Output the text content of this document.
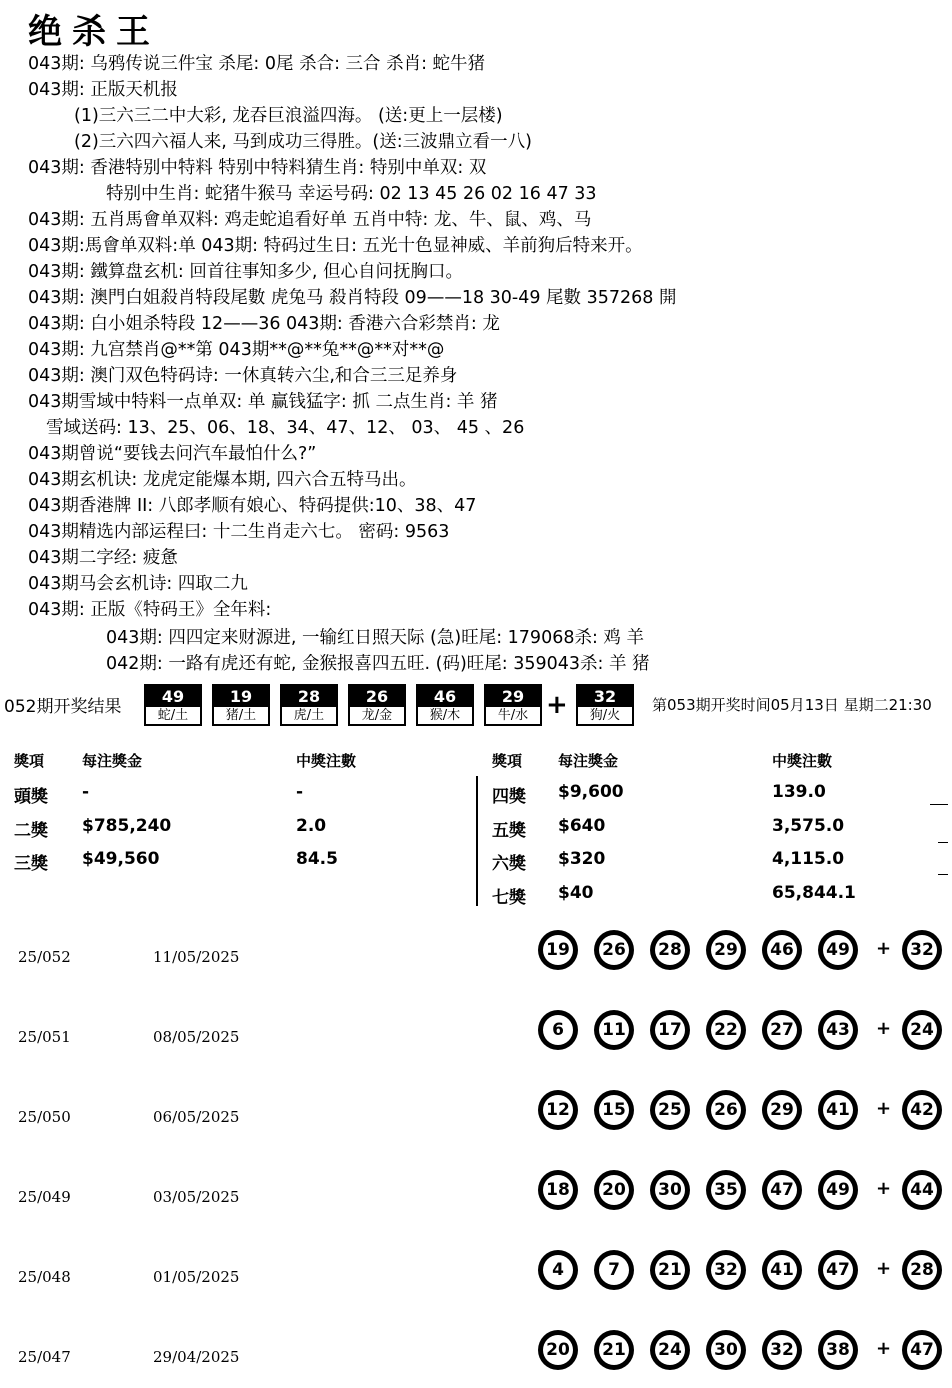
绝杀王
043期: 乌鸦传说三件宝 杀尾: 0尾 杀合: 三合 杀肖: 蛇牛猪
043期: 正版天机报
(1)三六三二中大彩, 龙吞巨浪溢四海。 (送:更上一层楼)
(2)三六四六福人来, 马到成功三得胜。(送:三波鼎立看一八)
043期: 香港特别中特料 特别中特料猜生肖: 特别中单双: 双
特别中生肖: 蛇猪牛猴马 幸运号码: 02 13 45 26 02 16 47 33
043期: 五肖馬會单双料: 鸡走蛇追看好单 五肖中特: 龙、牛、鼠、鸡、马
043期:馬會单双料:单 043期: 特码过生日: 五光十色显神威、羊前狗后特来开。
043期: 鐵算盘玄机: 回首往事知多少, 但心自问抚胸口。
043期: 澳門白姐殺肖特段尾數 虎兔马 殺肖特段 09——18 30-49 尾數 357268 開
043期: 白小姐杀特段 12——36 043期: 香港六合彩禁肖: 龙
043期: 九宫禁肖@**第 043期**@**兔**@**对**@
043期: 澳门双色特码诗: 一休真转六尘,和合三三足养身
043期雪域中特料一点单双: 单 赢钱猛字: 抓 二点生肖: 羊 猪
雪域送码: 13、25、06、18、34、47、12、 03、 45 、26
043期曾说“要钱去问汽车最怕什么?”
043期玄机诀: 龙虎定能爆本期, 四六合五特马出。
043期香港牌 II: 八郎孝顺有娘心、特码提供:10、38、47
043期精选内部运程曰: 十二生肖走六七。 密码: 9563
043期二字经: 疲惫
043期马会玄机诗: 四取二九
043期: 正版《特码王》全年料:
043期: 四四定来财源进, 一输红日照天际 (急)旺尾: 179068杀: 鸡 羊
042期: 一路有虎还有蛇, 金猴报喜四五旺. (码)旺尾: 359043杀: 羊 猪
052期开奖结果
49
蛇/土
19
猪/土
28
虎/土
26
龙/金
46
猴/木
29
牛/水 +	32
狗/火
第053期开奖时间05月13日 星期二21:30
獎項	每注獎金	中獎注數	獎項 每注獎金	中獎注數
頭獎 -	-
二獎 $785,240	2.0
三獎 $49,560	84.5
四獎 $9,600	139.0
五獎 $640	3,575.0
六獎 $320	4,115.0
七獎 $40	65,844.1
25/052	11/05/2025	19 26 28 29 46 49 + 32
25/051	08/05/2025	6	11 17 22 27 43 + 24
25/050	06/05/2025	12 15 25 26 29 41 + 42
25/049	03/05/2025	18 20 30 35 47 49 + 44
25/048	01/05/2025	4	7	21 32 41 47 + 28
25/047	29/04/2025	20 21 24 30 32 38 + 47
